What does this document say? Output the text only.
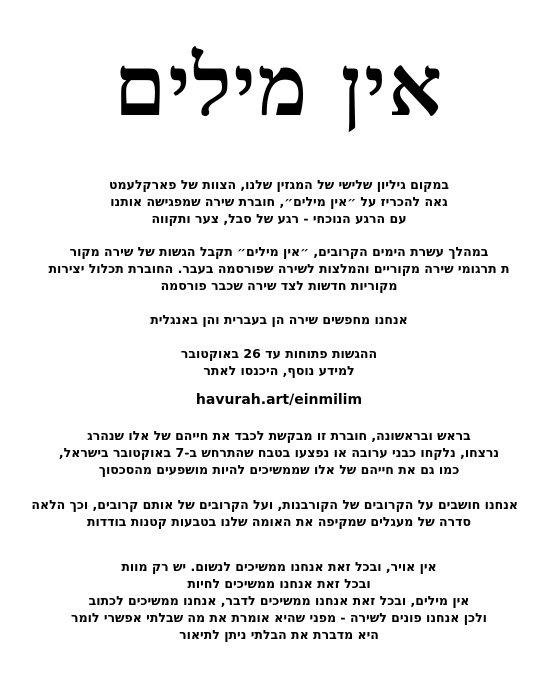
אין מילים

במקום גיליון שלישי של המגזין שלנו, הצוות של פארקלעמט
גאה להכריז על ״אין מילים״, חוברת שירה שמפגישה אותנו
עם הרגע הנוכחי - רגע של סבל, צער ותקווה

במהלך עשרת הימים הקרובים, ״אין מילים״ תקבל הגשות של שירה מקור
ת תרגומי שירה מקוריים והמלצות לשירה שפורסמה בעבר. החוברת תכלול יצירות
מקוריות חדשות לצד שירה שכבר פורסמה

אנחנו מחפשים שירה הן בעברית והן באנגלית

ההגשות פתוחות עד 26 באוקטובר
למידע נוסף, היכנסו לאתר

havurah.art/einmilim

בראש ובראשונה, חוברת זו מבקשת לכבד את חייהם של אלו שנהרג
נרצחו, נלקחו כבני ערובה או נפצעו בטבח שהתרחש ב-7 באוקטובר בישראל,
כמו גם את חייהם של אלו שממשיכים להיות מושפעים מהסכסוך

אנחנו חושבים על הקרובים של הקורבנות, ועל הקרובים של אותם קרובים, וכך הלאה
סדרה של מעגלים שמקיפה את האומה שלנו בטבעות קטנות בודדות

אין אויר, ובכל זאת אנחנו ממשיכים לנשום. יש רק מוות
ובכל זאת אנחנו ממשיכים לחיות
אין מילים, ובכל זאת אנחנו ממשיכים לדבר, אנחנו ממשיכים לכתוב
ולכן אנחנו פונים לשירה - מפני שהיא אומרת את מה שבלתי אפשרי לומר
היא מדברת את הבלתי ניתן לתיאור
